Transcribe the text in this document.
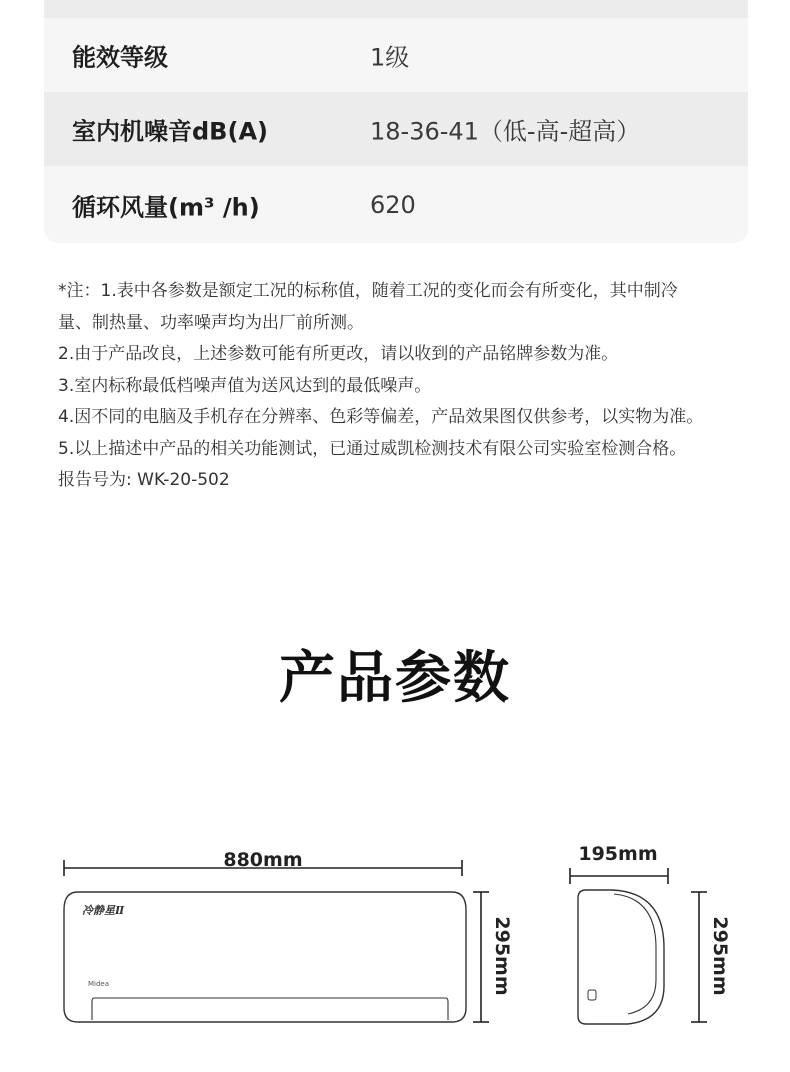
能效等级	1级
室内机噪音dB(A)	18-36-41（低-高-超高）
循环风量(m³ /h)	620
*注：1.表中各参数是额定工况的标称值，随着工况的变化而会有所变化，其中制冷
量、制热量、功率噪声均为出厂前所测。
2.由于产品改良，上述参数可能有所更改，请以收到的产品铭牌参数为准。
3.室内标称最低档噪声值为送风达到的最低噪声。
4.因不同的电脑及手机存在分辨率、色彩等偏差，产品效果图仅供参考，以实物为准。
5.以上描述中产品的相关功能测试，已通过威凯检测技术有限公司实验室检测合格。
报告号为: WK-20-502
产品参数
880mm
冷静星Ⅱ
Midea	295mm
195mm
295mm
